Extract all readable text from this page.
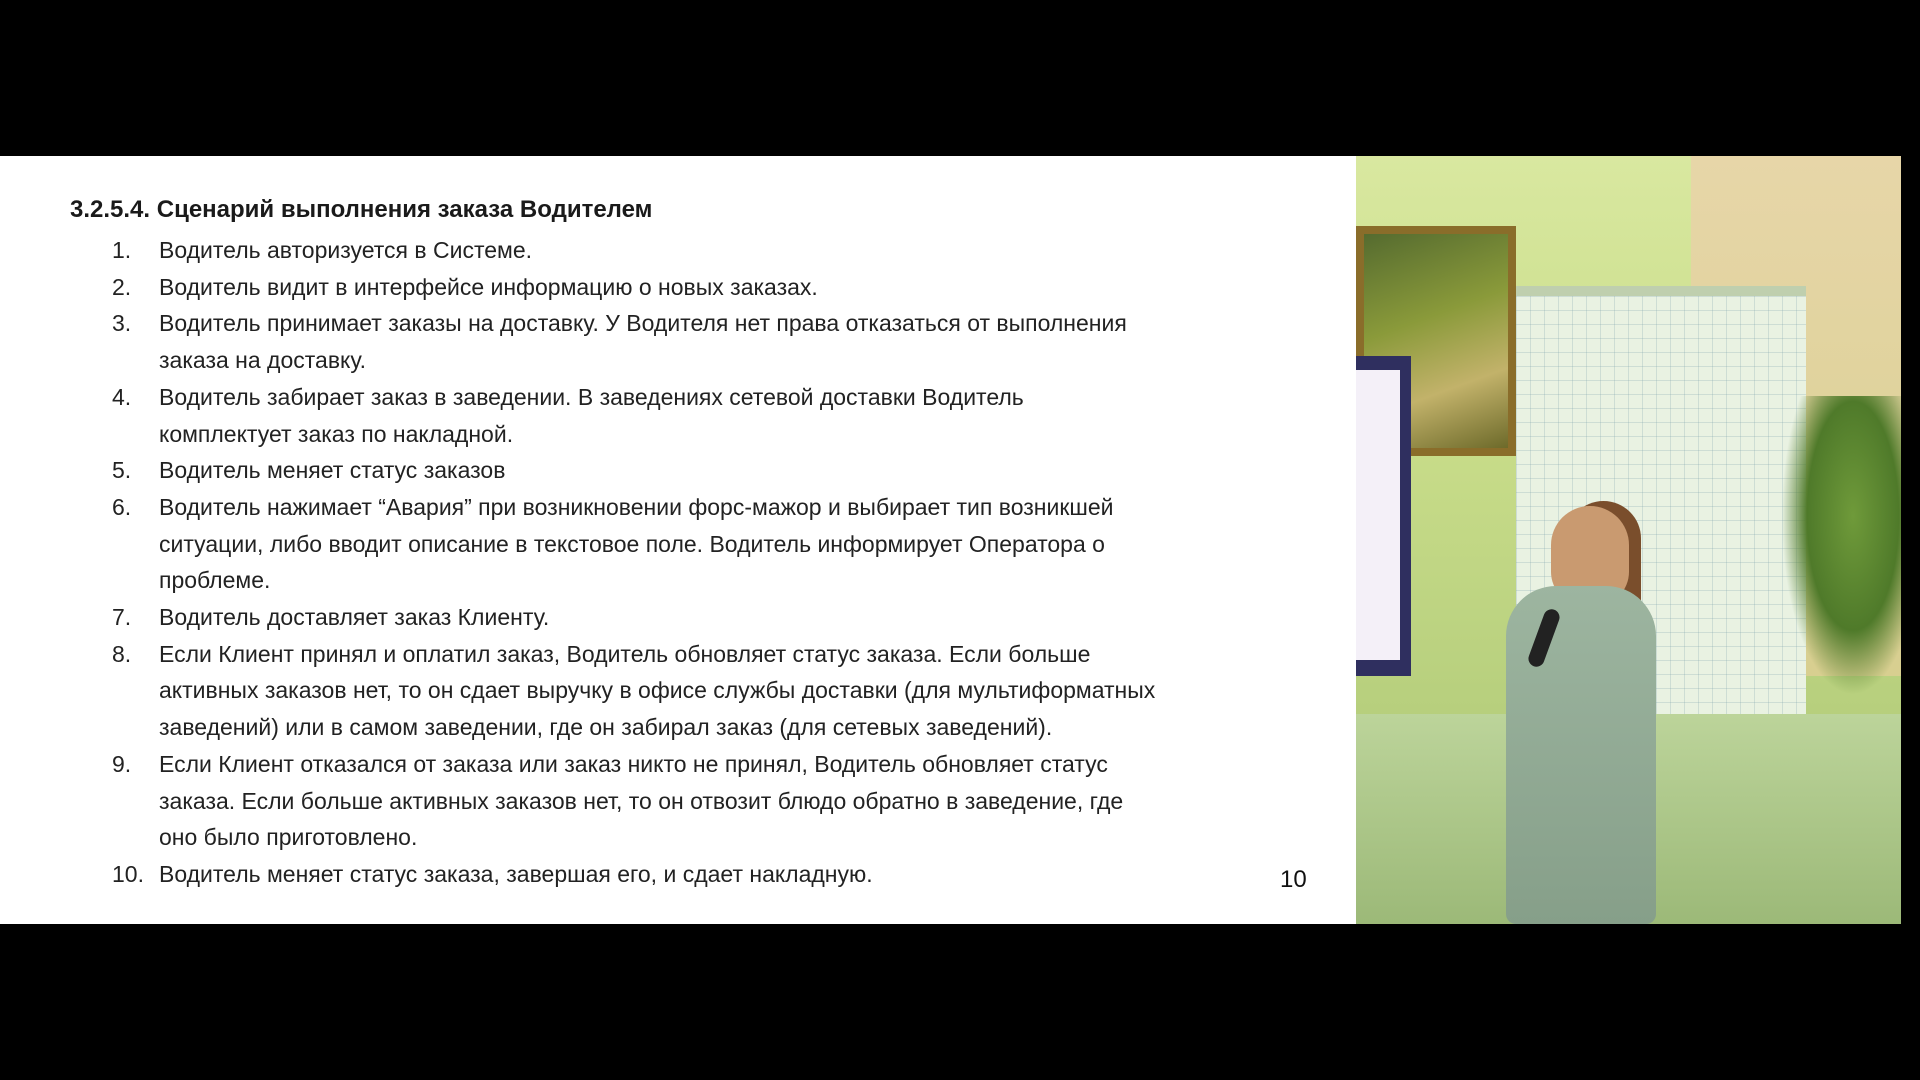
3.2.5.4. Сценарий выполнения заказа Водителем
1.	Водитель авторизуется в Системе.
2.	Водитель видит в интерфейсе информацию о новых заказах.
3.	Водитель принимает заказы на доставку. У Водителя нет права отказаться от выполнения
заказа на доставку.
4.	Водитель забирает заказ в заведении. В заведениях сетевой доставки Водитель
комплектует заказ по накладной.
5.	Водитель меняет статус заказов
6.	Водитель нажимает “Авария” при возникновении форс-мажор и выбирает тип возникшей
ситуации, либо вводит описание в текстовое поле. Водитель информирует Оператора о
проблеме.
7.	Водитель доставляет заказ Клиенту.
8.	Если Клиент принял и оплатил заказ, Водитель обновляет статус заказа. Если больше
активных заказов нет, то он сдает выручку в офисе службы доставки (для мультиформатных
заведений) или в самом заведении, где он забирал заказ (для сетевых заведений).
9.	Если Клиент отказался от заказа или заказ никто не принял, Водитель обновляет статус
заказа. Если больше активных заказов нет, то он отвозит блюдо обратно в заведение, где
оно было приготовлено.
10. Водитель меняет статус заказа, завершая его, и сдает накладную.	10
